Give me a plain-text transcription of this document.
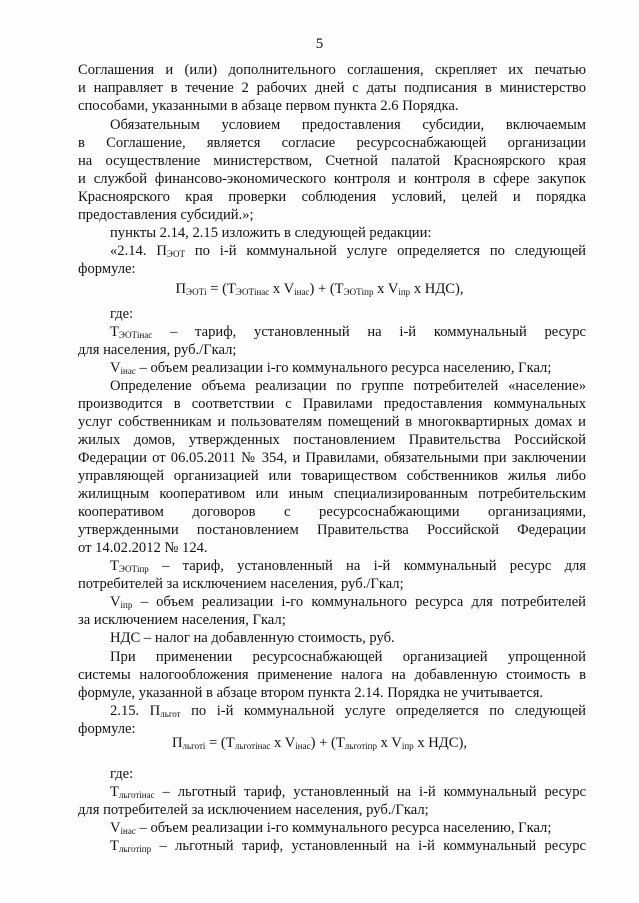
5
Соглашения и (или) дополнительного соглашения, скрепляет их печатью
и направляет в течение 2 рабочих дней с даты подписания в министерство
способами, указанными в абзаце первом пункта 2.6 Порядка.
Обязательным условием предоставления субсидии, включаемым
в Соглашение, является согласие ресурсоснабжающей организации
на осуществление министерством, Счетной палатой Красноярского края
и службой финансово-экономического контроля и контроля в сфере закупок
Красноярского края проверки соблюдения условий, целей и порядка
предоставления субсидий.»;
пункты 2.14, 2.15 изложить в следующей редакции:
«2.14. $П_{ЭОТ}$ по i-й коммунальной услуге определяется по следующей
формуле:
$П_{ЭОТi} = (Т_{ЭОТiнас}$ x $V_{iнас}) + (Т_{ЭОТiпр}$ x $V_{iпр}$ x НДС),
где:
$Т_{ЭОТiнас}$ – тариф, установленный на i-й коммунальный ресурс
для населения, руб./Гкал;
$V_{iнас}$ – объем реализации i-го коммунального ресурса населению, Гкал;
Определение объема реализации по группе потребителей «население»
производится в соответствии с Правилами предоставления коммунальных
услуг собственникам и пользователям помещений в многоквартирных домах и
жилых домов, утвержденных постановлением Правительства Российской
Федерации от 06.05.2011 № 354, и Правилами, обязательными при заключении
управляющей организацией или товариществом собственников жилья либо
жилищным кооперативом или иным специализированным потребительским
кооперативом договоров с ресурсоснабжающими организациями,
утвержденными постановлением Правительства Российской Федерации
от 14.02.2012 № 124.
$Т_{ЭОТiпр}$ – тариф, установленный на i-й коммунальный ресурс для
потребителей за исключением населения, руб./Гкал;
$V_{iпр}$ – объем реализации i-го коммунального ресурса для потребителей
за исключением населения, Гкал;
НДС – налог на добавленную стоимость, руб.
При применении ресурсоснабжающей организацией упрощенной
системы налогообложения применение налога на добавленную стоимость в
формуле, указанной в абзаце втором пункта 2.14. Порядка не учитывается.
2.15. $П_{льгот}$ по i-й коммунальной услуге определяется по следующей
формуле:
$П_{льготi} = (Т_{льготiнас}$ x $V_{iнас}) + (Т_{льготiпр}$ x $V_{iпр}$ x НДС),
где:
$Т_{льготiнас}$ – льготный тариф, установленный на i-й коммунальный ресурс
для потребителей за исключением населения, руб./Гкал;
$V_{iнас}$ – объем реализации i-го коммунального ресурса населению, Гкал;
$Т_{льготiпр}$ – льготный тариф, установленный на i-й коммунальный ресурс
